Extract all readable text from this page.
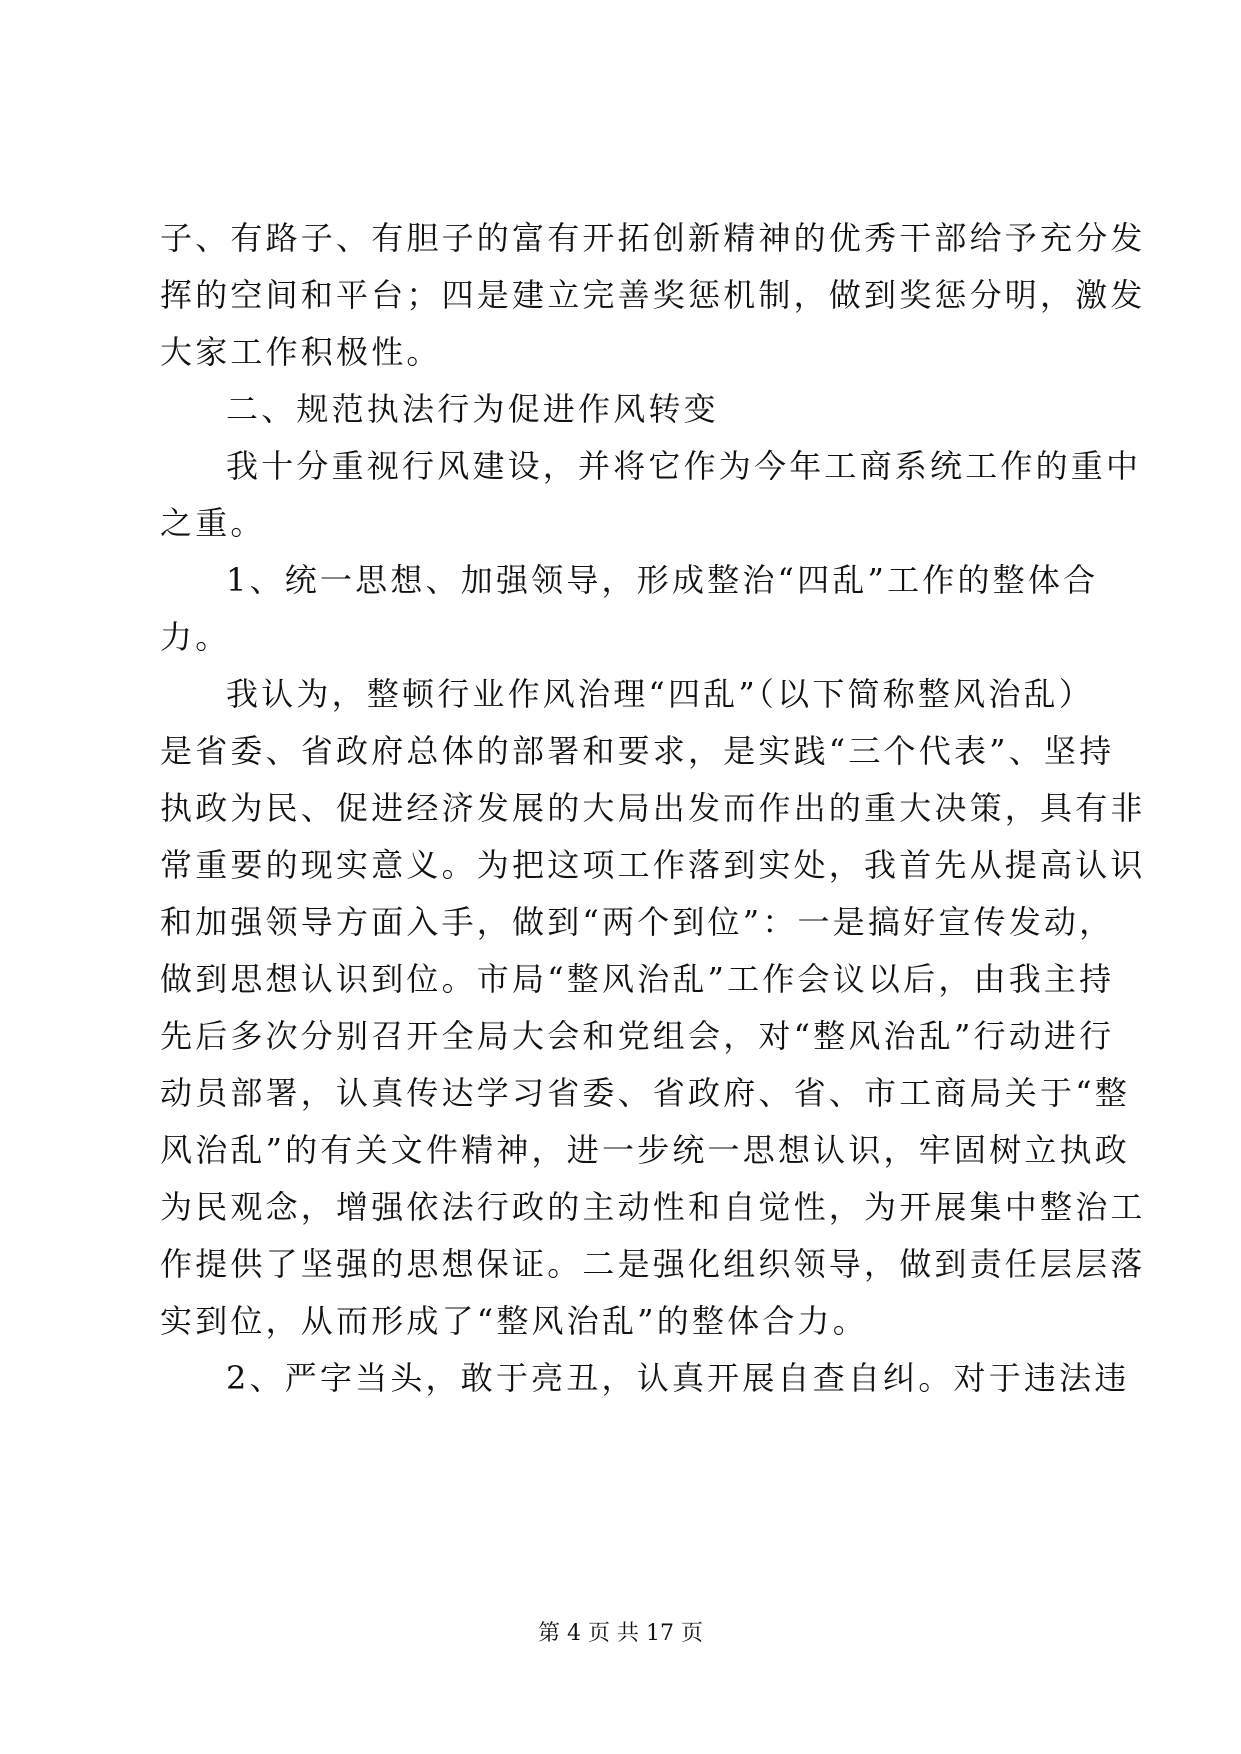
子、有路子、有胆子的富有开拓创新精神的优秀干部给予充分发
挥的空间和平台；四是建立完善奖惩机制，做到奖惩分明，激发
大家工作积极性。
二、规范执法行为促进作风转变
我十分重视行风建设，并将它作为今年工商系统工作的重中
之重。
1、统一思想、加强领导，形成整治“四乱”工作的整体合
力。
我认为，整顿行业作风治理“四乱”（以下简称整风治乱）
是省委、省政府总体的部署和要求，是实践“三个代表”、坚持
执政为民、促进经济发展的大局出发而作出的重大决策，具有非
常重要的现实意义。为把这项工作落到实处，我首先从提高认识
和加强领导方面入手，做到“两个到位”：一是搞好宣传发动，
做到思想认识到位。市局“整风治乱”工作会议以后，由我主持
先后多次分别召开全局大会和党组会，对“整风治乱”行动进行
动员部署，认真传达学习省委、省政府、省、市工商局关于“整
风治乱”的有关文件精神，进一步统一思想认识，牢固树立执政
为民观念，增强依法行政的主动性和自觉性，为开展集中整治工
作提供了坚强的思想保证。二是强化组织领导，做到责任层层落
实到位，从而形成了“整风治乱”的整体合力。
2、严字当头，敢于亮丑，认真开展自查自纠。对于违法违
第 4 页 共 17 页
